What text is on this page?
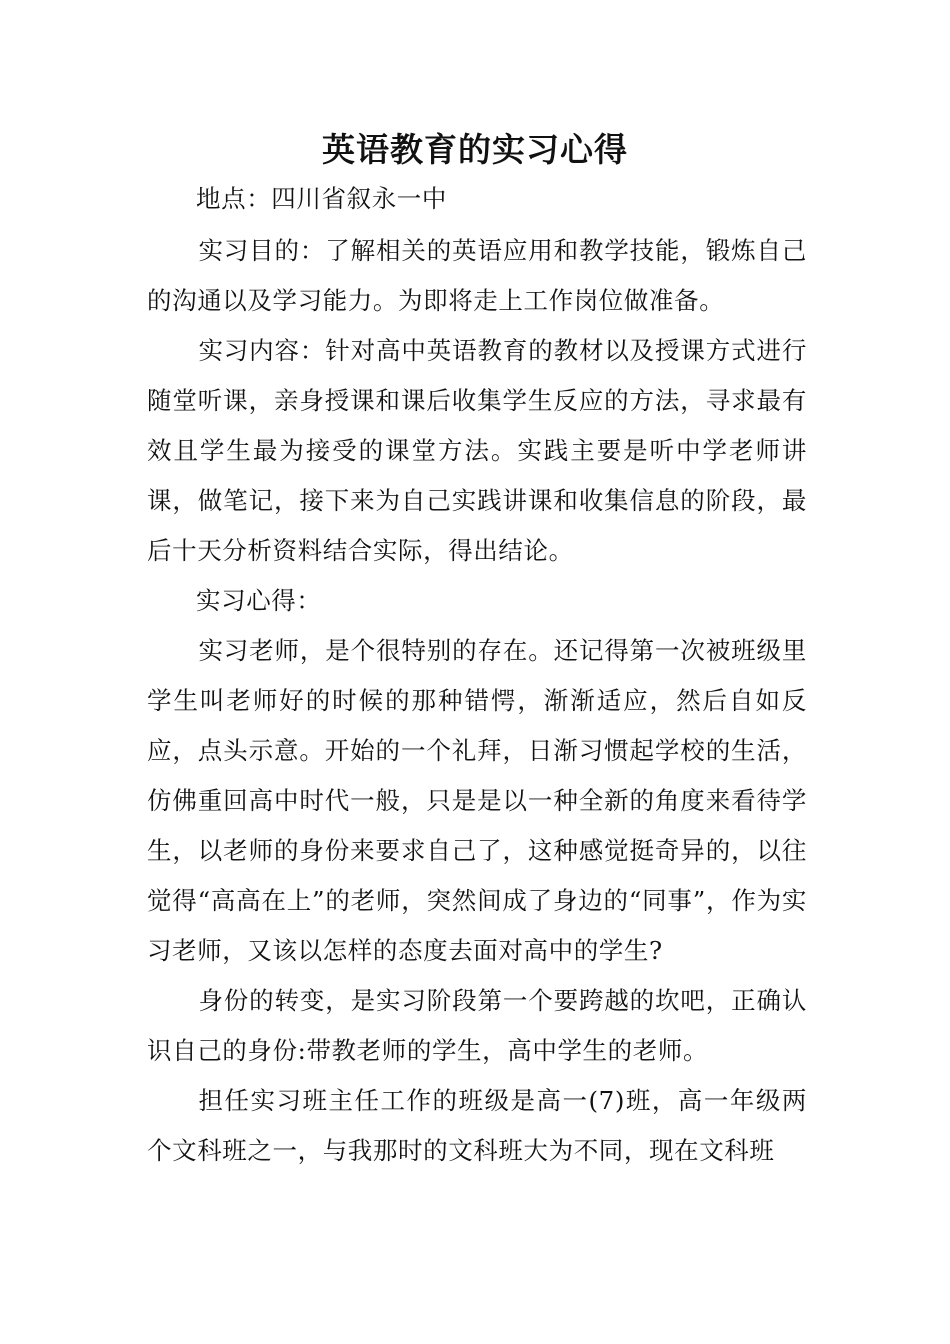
英语教育的实习心得

地点：四川省叙永一中

实习目的：了解相关的英语应用和教学技能，锻炼自己的沟通以及学习能力。为即将走上工作岗位做准备。

实习内容：针对高中英语教育的教材以及授课方式进行随堂听课，亲身授课和课后收集学生反应的方法，寻求最有效且学生最为接受的课堂方法。实践主要是听中学老师讲课，做笔记，接下来为自己实践讲课和收集信息的阶段，最后十天分析资料结合实际，得出结论。

实习心得：

实习老师，是个很特别的存在。还记得第一次被班级里学生叫老师好的时候的那种错愕，渐渐适应，然后自如反应，点头示意。开始的一个礼拜，日渐习惯起学校的生活，仿佛重回高中时代一般，只是是以一种全新的角度来看待学生，以老师的身份来要求自己了，这种感觉挺奇异的，以往觉得“高高在上”的老师，突然间成了身边的“同事”，作为实习老师，又该以怎样的态度去面对高中的学生?

身份的转变，是实习阶段第一个要跨越的坎吧，正确认识自己的身份:带教老师的学生，高中学生的老师。

担任实习班主任工作的班级是高一(7)班，高一年级两个文科班之一，与我那时的文科班大为不同，现在文科班
